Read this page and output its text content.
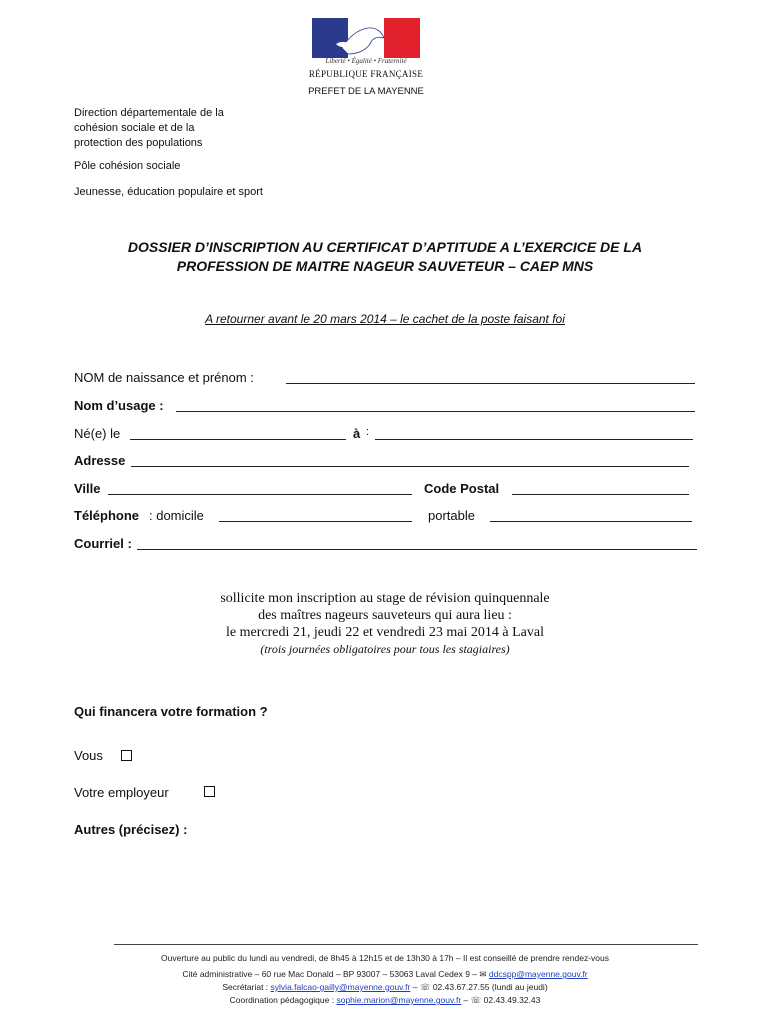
Liberté • Égalité • Fraternité
RÉPUBLIQUE FRANÇAISE
PREFET DE LA MAYENNE
Direction départementale de la
cohésion sociale et de la
protection des populations
Pôle cohésion sociale
Jeunesse, éducation populaire et sport
DOSSIER D’INSCRIPTION AU CERTIFICAT D’APTITUDE A L’EXERCICE DE LA
PROFESSION DE MAITRE NAGEUR SAUVETEUR – CAEP MNS
A retourner avant le 20 mars 2014 – le cachet de la poste faisant foi
NOM de naissance et prénom :
Nom d’usage :
Né(e) le	à :
Adresse
Ville	Code Postal
Téléphone : domicile	portable
Courriel :
sollicite mon inscription au stage de révision quinquennale
des maîtres nageurs sauveteurs qui aura lieu :
le mercredi 21, jeudi 22 et vendredi 23 mai 2014 à Laval
(trois journées obligatoires pour tous les stagiaires)
Qui financera votre formation ?
Vous
Votre employeur
Autres (précisez) :
Ouverture au public du lundi au vendredi, de 8h45 à 12h15 et de 13h30 à 17h – Il est conseillé de prendre rendez-vous
Cité administrative – 60 rue Mac Donald – BP 93007 – 53063 Laval Cedex 9 – ✉ ddcspp@mayenne.gouv.fr
Secrétariat : sylvia.falcao-gailly@mayenne.gouv.fr – ☏ 02.43.67.27.55 (lundi au jeudi)
Coordination pédagogique : sophie.marion@mayenne.gouv.fr – ☏ 02.43.49.32.43
